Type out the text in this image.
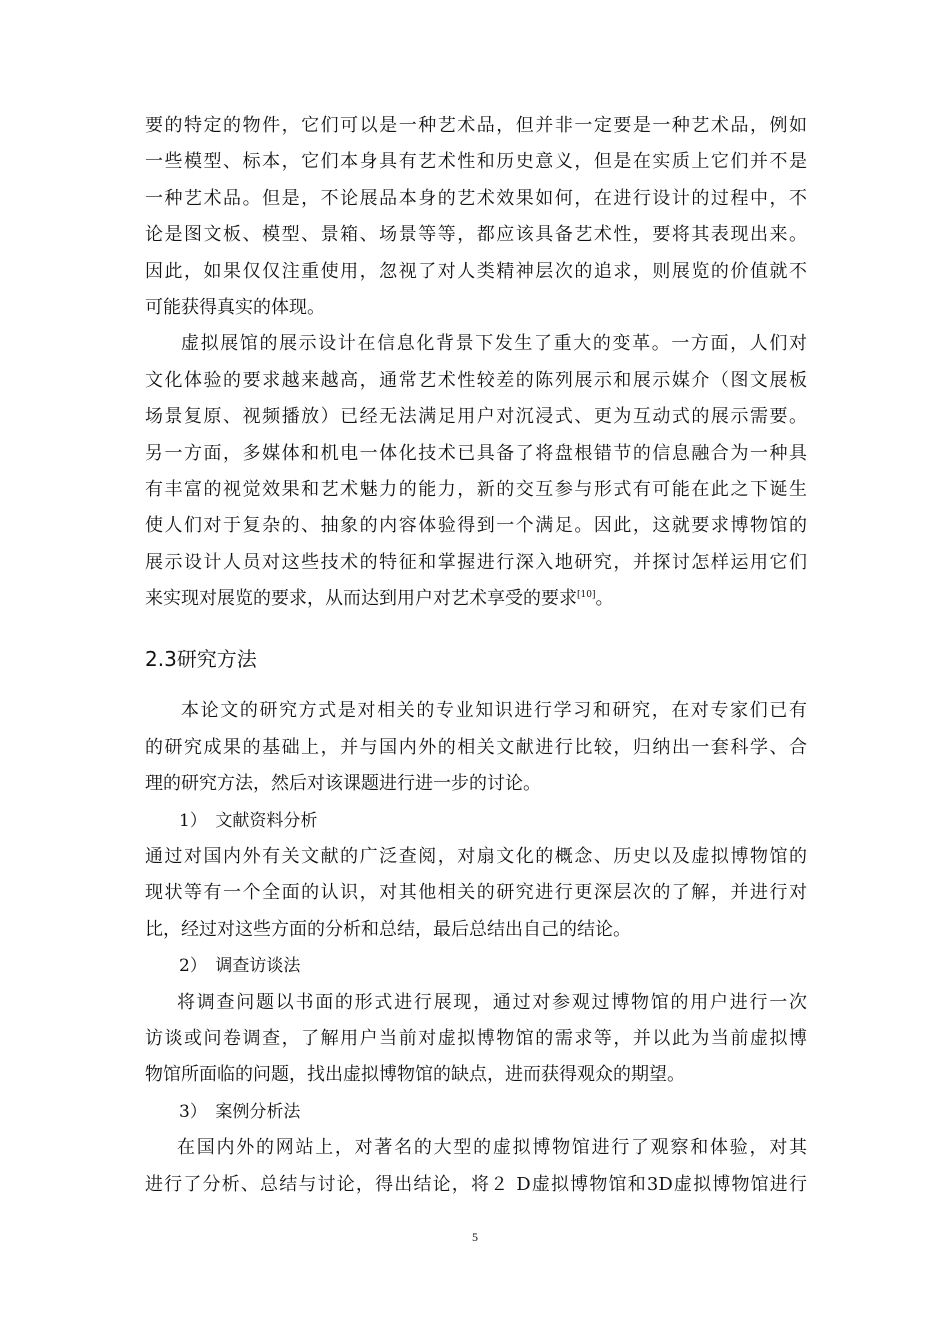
要的特定的物件，它们可以是一种艺术品，但并非一定要是一种艺术品，例如
一些模型、标本，它们本身具有艺术性和历史意义，但是在实质上它们并不是
一种艺术品。但是，不论展品本身的艺术效果如何，在进行设计的过程中，不
论是图文板、模型、景箱、场景等等，都应该具备艺术性，要将其表现出来。
因此，如果仅仅注重使用，忽视了对人类精神层次的追求，则展览的价值就不
可能获得真实的体现。
虚拟展馆的展示设计在信息化背景下发生了重大的变革。一方面，人们对
文化体验的要求越来越高，通常艺术性较差的陈列展示和展示媒介（图文展板
场景复原、视频播放）已经无法满足用户对沉浸式、更为互动式的展示需要。
另一方面，多媒体和机电一体化技术已具备了将盘根错节的信息融合为一种具
有丰富的视觉效果和艺术魅力的能力，新的交互参与形式有可能在此之下诞生
使人们对于复杂的、抽象的内容体验得到一个满足。因此，这就要求博物馆的
展示设计人员对这些技术的特征和掌握进行深入地研究，并探讨怎样运用它们
来实现对展览的要求，从而达到用户对艺术享受的要求[10]。
2.3研究方法
本论文的研究方式是对相关的专业知识进行学习和研究，在对专家们已有
的研究成果的基础上，并与国内外的相关文献进行比较，归纳出一套科学、合
理的研究方法，然后对该课题进行进一步的讨论。
1）　文献资料分析
通过对国内外有关文献的广泛查阅，对扇文化的概念、历史以及虚拟博物馆的
现状等有一个全面的认识，对其他相关的研究进行更深层次的了解，并进行对
比，经过对这些方面的分析和总结，最后总结出自己的结论。
2）　调查访谈法
将调查问题以书面的形式进行展现，通过对参观过博物馆的用户进行一次
访谈或问卷调查，了解用户当前对虚拟博物馆的需求等，并以此为当前虚拟博
物馆所面临的问题，找出虚拟博物馆的缺点，进而获得观众的期望。
3）　案例分析法
在国内外的网站上，对著名的大型的虚拟博物馆进行了观察和体验，对其
进行了分析、总结与讨论，得出结论，将２ D虚拟博物馆和3D虚拟博物馆进行
5
